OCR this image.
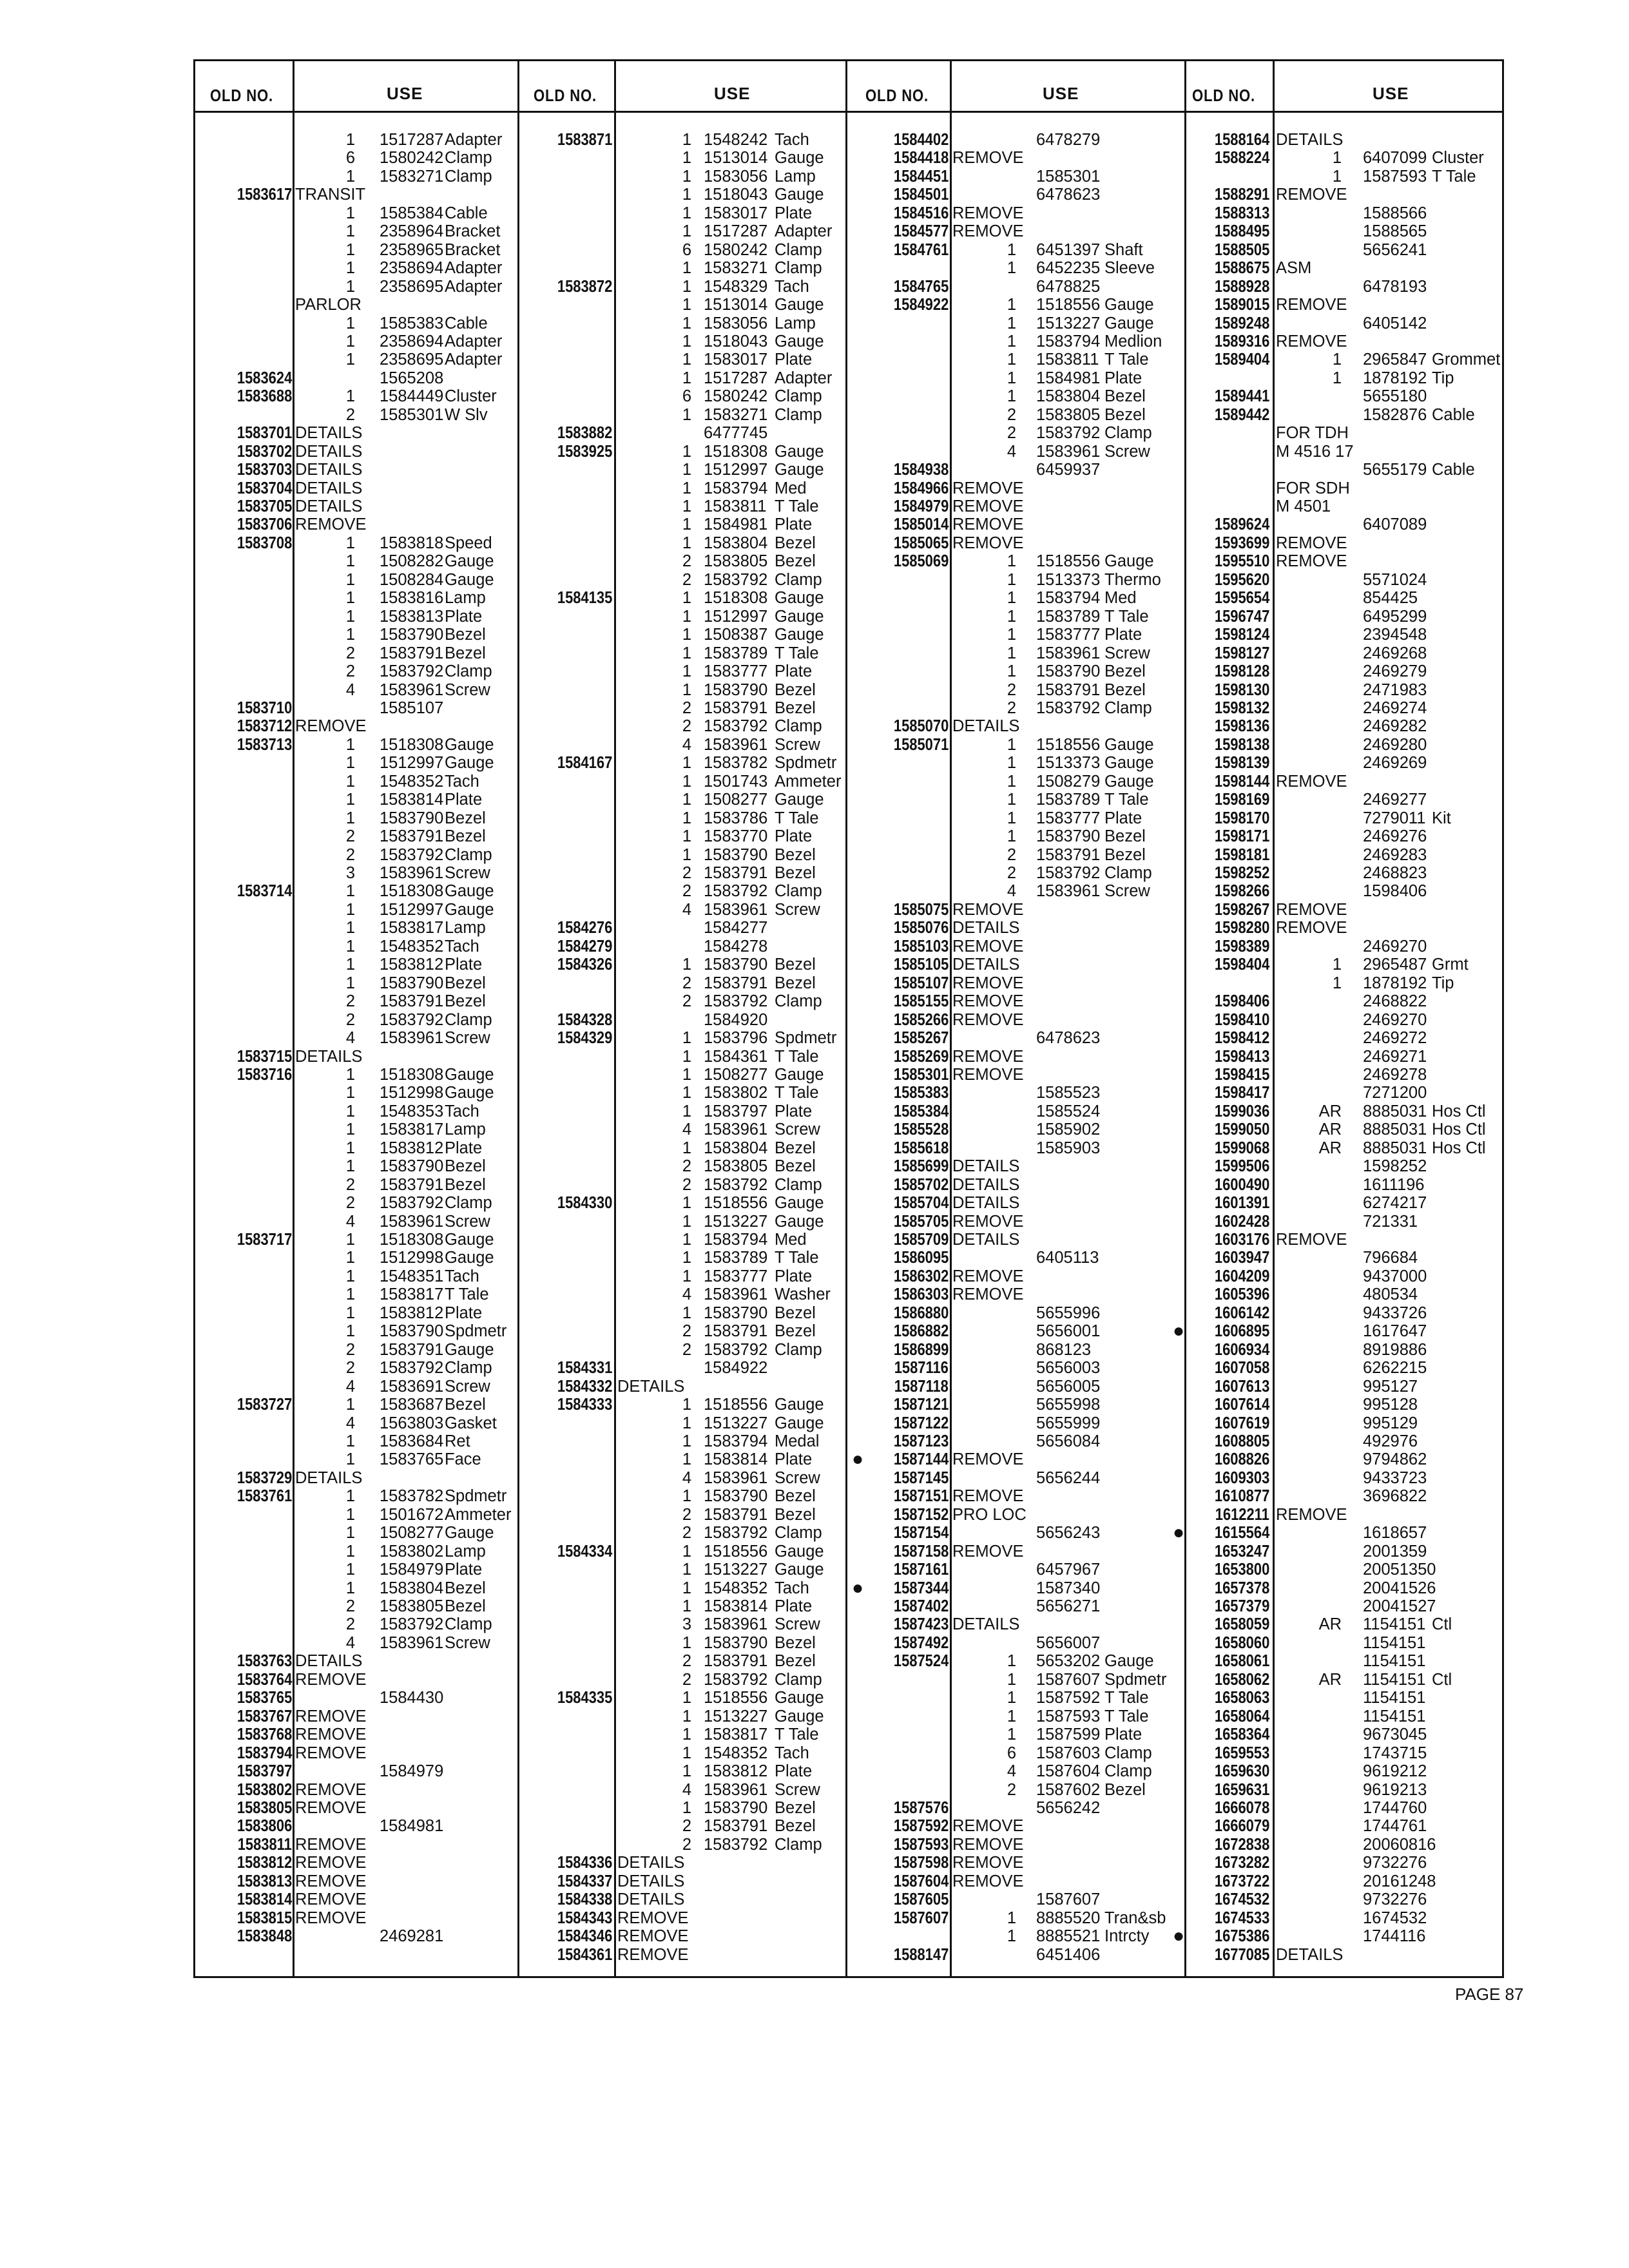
OLD NO.	USE	OLD NO.	USE	OLD NO.	USE	OLD NO.	USE
1 1517287 Adapter
6 1580242 Clamp
1 1583271 Clamp
1583617 TRANSIT
1 1585384 Cable
1 2358964 Bracket
1 2358965 Bracket
1 2358694 Adapter
1 2358695 Adapter
PARLOR
1 1585383 Cable
1 2358694 Adapter
1 2358695 Adapter
1583624	1565208
1583688	1 1584449 Cluster
2 1585301 W Slv
1583701 DETAILS
1583702 DETAILS
1583703 DETAILS
1583704 DETAILS
1583705 DETAILS
1583706 REMOVE
1583708	1 1583818 Speed
1 1508282 Gauge
1 1508284 Gauge
1 1583816 Lamp
1 1583813 Plate
1 1583790 Bezel
2 1583791 Bezel
2 1583792 Clamp
4 1583961 Screw
1583710	1585107
1583712 REMOVE
1583713	1 1518308 Gauge
1 1512997 Gauge
1 1548352 Tach
1 1583814 Plate
1 1583790 Bezel
2 1583791 Bezel
2 1583792 Clamp
3 1583961 Screw
1583714	1 1518308 Gauge
1 1512997 Gauge
1 1583817 Lamp
1 1548352 Tach
1 1583812 Plate
1 1583790 Bezel
2 1583791 Bezel
2 1583792 Clamp
4 1583961 Screw
1583715 DETAILS
1583716	1 1518308 Gauge
1 1512998 Gauge
1 1548353 Tach
1 1583817 Lamp
1 1583812 Plate
1 1583790 Bezel
2 1583791 Bezel
2 1583792 Clamp
4 1583961 Screw
1583717	1 1518308 Gauge
1 1512998 Gauge
1 1548351 Tach
1 1583817 T Tale
1 1583812 Plate
1 1583790 Spdmetr
2 1583791 Gauge
2 1583792 Clamp
4 1583691 Screw
1583727	1 1583687 Bezel
4 1563803 Gasket
1 1583684 Ret
1 1583765 Face
1583729 DETAILS
1583761	1 1583782 Spdmetr
1 1501672 Ammeter
1 1508277 Gauge
1 1583802 Lamp
1 1584979 Plate
1 1583804 Bezel
2 1583805 Bezel
2 1583792 Clamp
4 1583961 Screw
1583763 DETAILS
1583764 REMOVE
1583765	1584430
1583767 REMOVE
1583768 REMOVE
1583794 REMOVE
1583797	1584979
1583802 REMOVE
1583805 REMOVE
1583806	1584981
1583811 REMOVE
1583812 REMOVE
1583813 REMOVE
1583814 REMOVE
1583815 REMOVE
1583848	2469281
1583871	1 1548242 Tach
1 1513014 Gauge
1 1583056 Lamp
1 1518043 Gauge
1 1583017 Plate
1 1517287 Adapter
6 1580242 Clamp
1 1583271 Clamp
1583872	1 1548329 Tach
1 1513014 Gauge
1 1583056 Lamp
1 1518043 Gauge
1 1583017 Plate
1 1517287 Adapter
6 1580242 Clamp
1 1583271 Clamp
1583882	6477745
1583925	1 1518308 Gauge
1 1512997 Gauge
1 1583794 Med
1 1583811 T Tale
1 1584981 Plate
1 1583804 Bezel
2 1583805 Bezel
2 1583792 Clamp
1584135	1 1518308 Gauge
1 1512997 Gauge
1 1508387 Gauge
1 1583789 T Tale
1 1583777 Plate
1 1583790 Bezel
2 1583791 Bezel
2 1583792 Clamp
4 1583961 Screw
1584167	1 1583782 Spdmetr
1 1501743 Ammeter
1 1508277 Gauge
1 1583786 T Tale
1 1583770 Plate
1 1583790 Bezel
2 1583791 Bezel
2 1583792 Clamp
4 1583961 Screw
1584276	1584277
1584279	1584278
1584326	1 1583790 Bezel
2 1583791 Bezel
2 1583792 Clamp
1584328	1584920
1584329	1 1583796 Spdmetr
1 1584361 T Tale
1 1508277 Gauge
1 1583802 T Tale
1 1583797 Plate
4 1583961 Screw
1 1583804 Bezel
2 1583805 Bezel
2 1583792 Clamp
1584330	1 1518556 Gauge
1 1513227 Gauge
1 1583794 Med
1 1583789 T Tale
1 1583777 Plate
4 1583961 Washer
1 1583790 Bezel
2 1583791 Bezel
2 1583792 Clamp
1584331	1584922
1584332 DETAILS
1584333	1 1518556 Gauge
1 1513227 Gauge
1 1583794 Medal
1 1583814 Plate
4 1583961 Screw
1 1583790 Bezel
2 1583791 Bezel
2 1583792 Clamp
1584334	1 1518556 Gauge
1 1513227 Gauge
1 1548352 Tach
1 1583814 Plate
3 1583961 Screw
1 1583790 Bezel
2 1583791 Bezel
2 1583792 Clamp
1584335	1 1518556 Gauge
1 1513227 Gauge
1 1583817 T Tale
1 1548352 Tach
1 1583812 Plate
4 1583961 Screw
1 1583790 Bezel
2 1583791 Bezel
2 1583792 Clamp
1584336 DETAILS
1584337 DETAILS
1584338 DETAILS
1584343 REMOVE
1584346 REMOVE
1584361 REMOVE
1584402	6478279
1584418 REMOVE
1584451	1585301
1584501	6478623
1584516 REMOVE
1584577 REMOVE
1584761	1 6451397 Shaft
1 6452235 Sleeve
1584765	6478825
1584922	1 1518556 Gauge
1 1513227 Gauge
1 1583794 Medlion
1 1583811 T Tale
1 1584981 Plate
1 1583804 Bezel
2 1583805 Bezel
2 1583792 Clamp
4 1583961 Screw
1584938	6459937
1584966 REMOVE
1584979 REMOVE
1585014 REMOVE
1585065 REMOVE
1585069	1 1518556 Gauge
1 1513373 Thermo
1 1583794 Med
1 1583789 T Tale
1 1583777 Plate
1 1583961 Screw
1 1583790 Bezel
2 1583791 Bezel
2 1583792 Clamp
1585070 DETAILS
1585071	1 1518556 Gauge
1 1513373 Gauge
1 1508279 Gauge
1 1583789 T Tale
1 1583777 Plate
1 1583790 Bezel
2 1583791 Bezel
2 1583792 Clamp
4 1583961 Screw
1585075 REMOVE
1585076 DETAILS
1585103 REMOVE
1585105 DETAILS
1585107 REMOVE
1585155 REMOVE
1585266 REMOVE
1585267	6478623
1585269 REMOVE
1585301 REMOVE
1585383	1585523
1585384	1585524
1585528	1585902
1585618	1585903
1585699 DETAILS
1585702 DETAILS
1585704 DETAILS
1585705 REMOVE
1585709 DETAILS
1586095	6405113
1586302 REMOVE
1586303 REMOVE
1586880	5655996
1586882	5656001
1586899	868123
1587116	5656003
1587118	5656005
1587121	5655998
1587122	5655999
1587123	5656084
1587144 REMOVE
●
1587145	5656244
1587151 REMOVE
1587152 PRO LOC
1587154	5656243
1587158 REMOVE
1587161	6457967
1587344	1587340
●
1587402	5656271
1587423 DETAILS
1587492	5656007
1587524	1 5653202 Gauge
1 1587607 Spdmetr
1 1587592 T Tale
1 1587593 T Tale
1 1587599 Plate
6 1587603 Clamp
4 1587604 Clamp
2 1587602 Bezel
1587576	5656242
1587592 REMOVE
1587593 REMOVE
1587598 REMOVE
1587604 REMOVE
1587605	1587607
1587607	1 8885520 Tran&sb
1 8885521 Intrcty
1588147	6451406
1588164 DETAILS
1588224	1 6407099 Cluster
1 1587593 T Tale
1588291 REMOVE
1588313	1588566
1588495	1588565
1588505	5656241
1588675 ASM
1588928	6478193
1589015 REMOVE
1589248	6405142
1589316 REMOVE
1589404	1 2965847 Grommet
1 1878192 Tip
1589441	5655180
1589442	1582876 Cable
FOR TDH
M 4516 17
5655179 Cable
FOR SDH
M 4501
1589624	6407089
1593699 REMOVE
1595510 REMOVE
1595620	5571024
1595654	854425
1596747	6495299
1598124	2394548
1598127	2469268
1598128	2469279
1598130	2471983
1598132	2469274
1598136	2469282
1598138	2469280
1598139	2469269
1598144 REMOVE
1598169	2469277
1598170	7279011 Kit
1598171	2469276
1598181	2469283
1598252	2468823
1598266	1598406
1598267 REMOVE
1598280 REMOVE
1598389	2469270
1598404	1 2965487 Grmt
1 1878192 Tip
1598406	2468822
1598410	2469270
1598412	2469272
1598413	2469271
1598415	2469278
1598417	7271200
1599036	AR 8885031 Hos Ctl
1599050	AR 8885031 Hos Ctl
1599068	AR 8885031 Hos Ctl
1599506	1598252
1600490	1611196
1601391	6274217
1602428	721331
1603176 REMOVE
1603947	796684
1604209	9437000
1605396	480534
1606142	9433726
1606895	1617647
●
1606934	8919886
1607058	6262215
1607613	995127
1607614	995128
1607619	995129
1608805	492976
1608826	9794862
1609303	9433723
1610877	3696822
1612211 REMOVE
1615564	1618657
●
1653247	2001359
1653800	20051350
1657378	20041526
1657379	20041527
1658059	AR 1154151 Ctl
1658060	1154151
1658061	1154151
1658062	AR 1154151 Ctl
1658063	1154151
1658064	1154151
1658364	9673045
1659553	1743715
1659630	9619212
1659631	9619213
1666078	1744760
1666079	1744761
1672838	20060816
1673282	9732276
1673722	20161248
1674532	9732276
1674533	1674532
1675386	1744116
●
1677085 DETAILS
PAGE 87
